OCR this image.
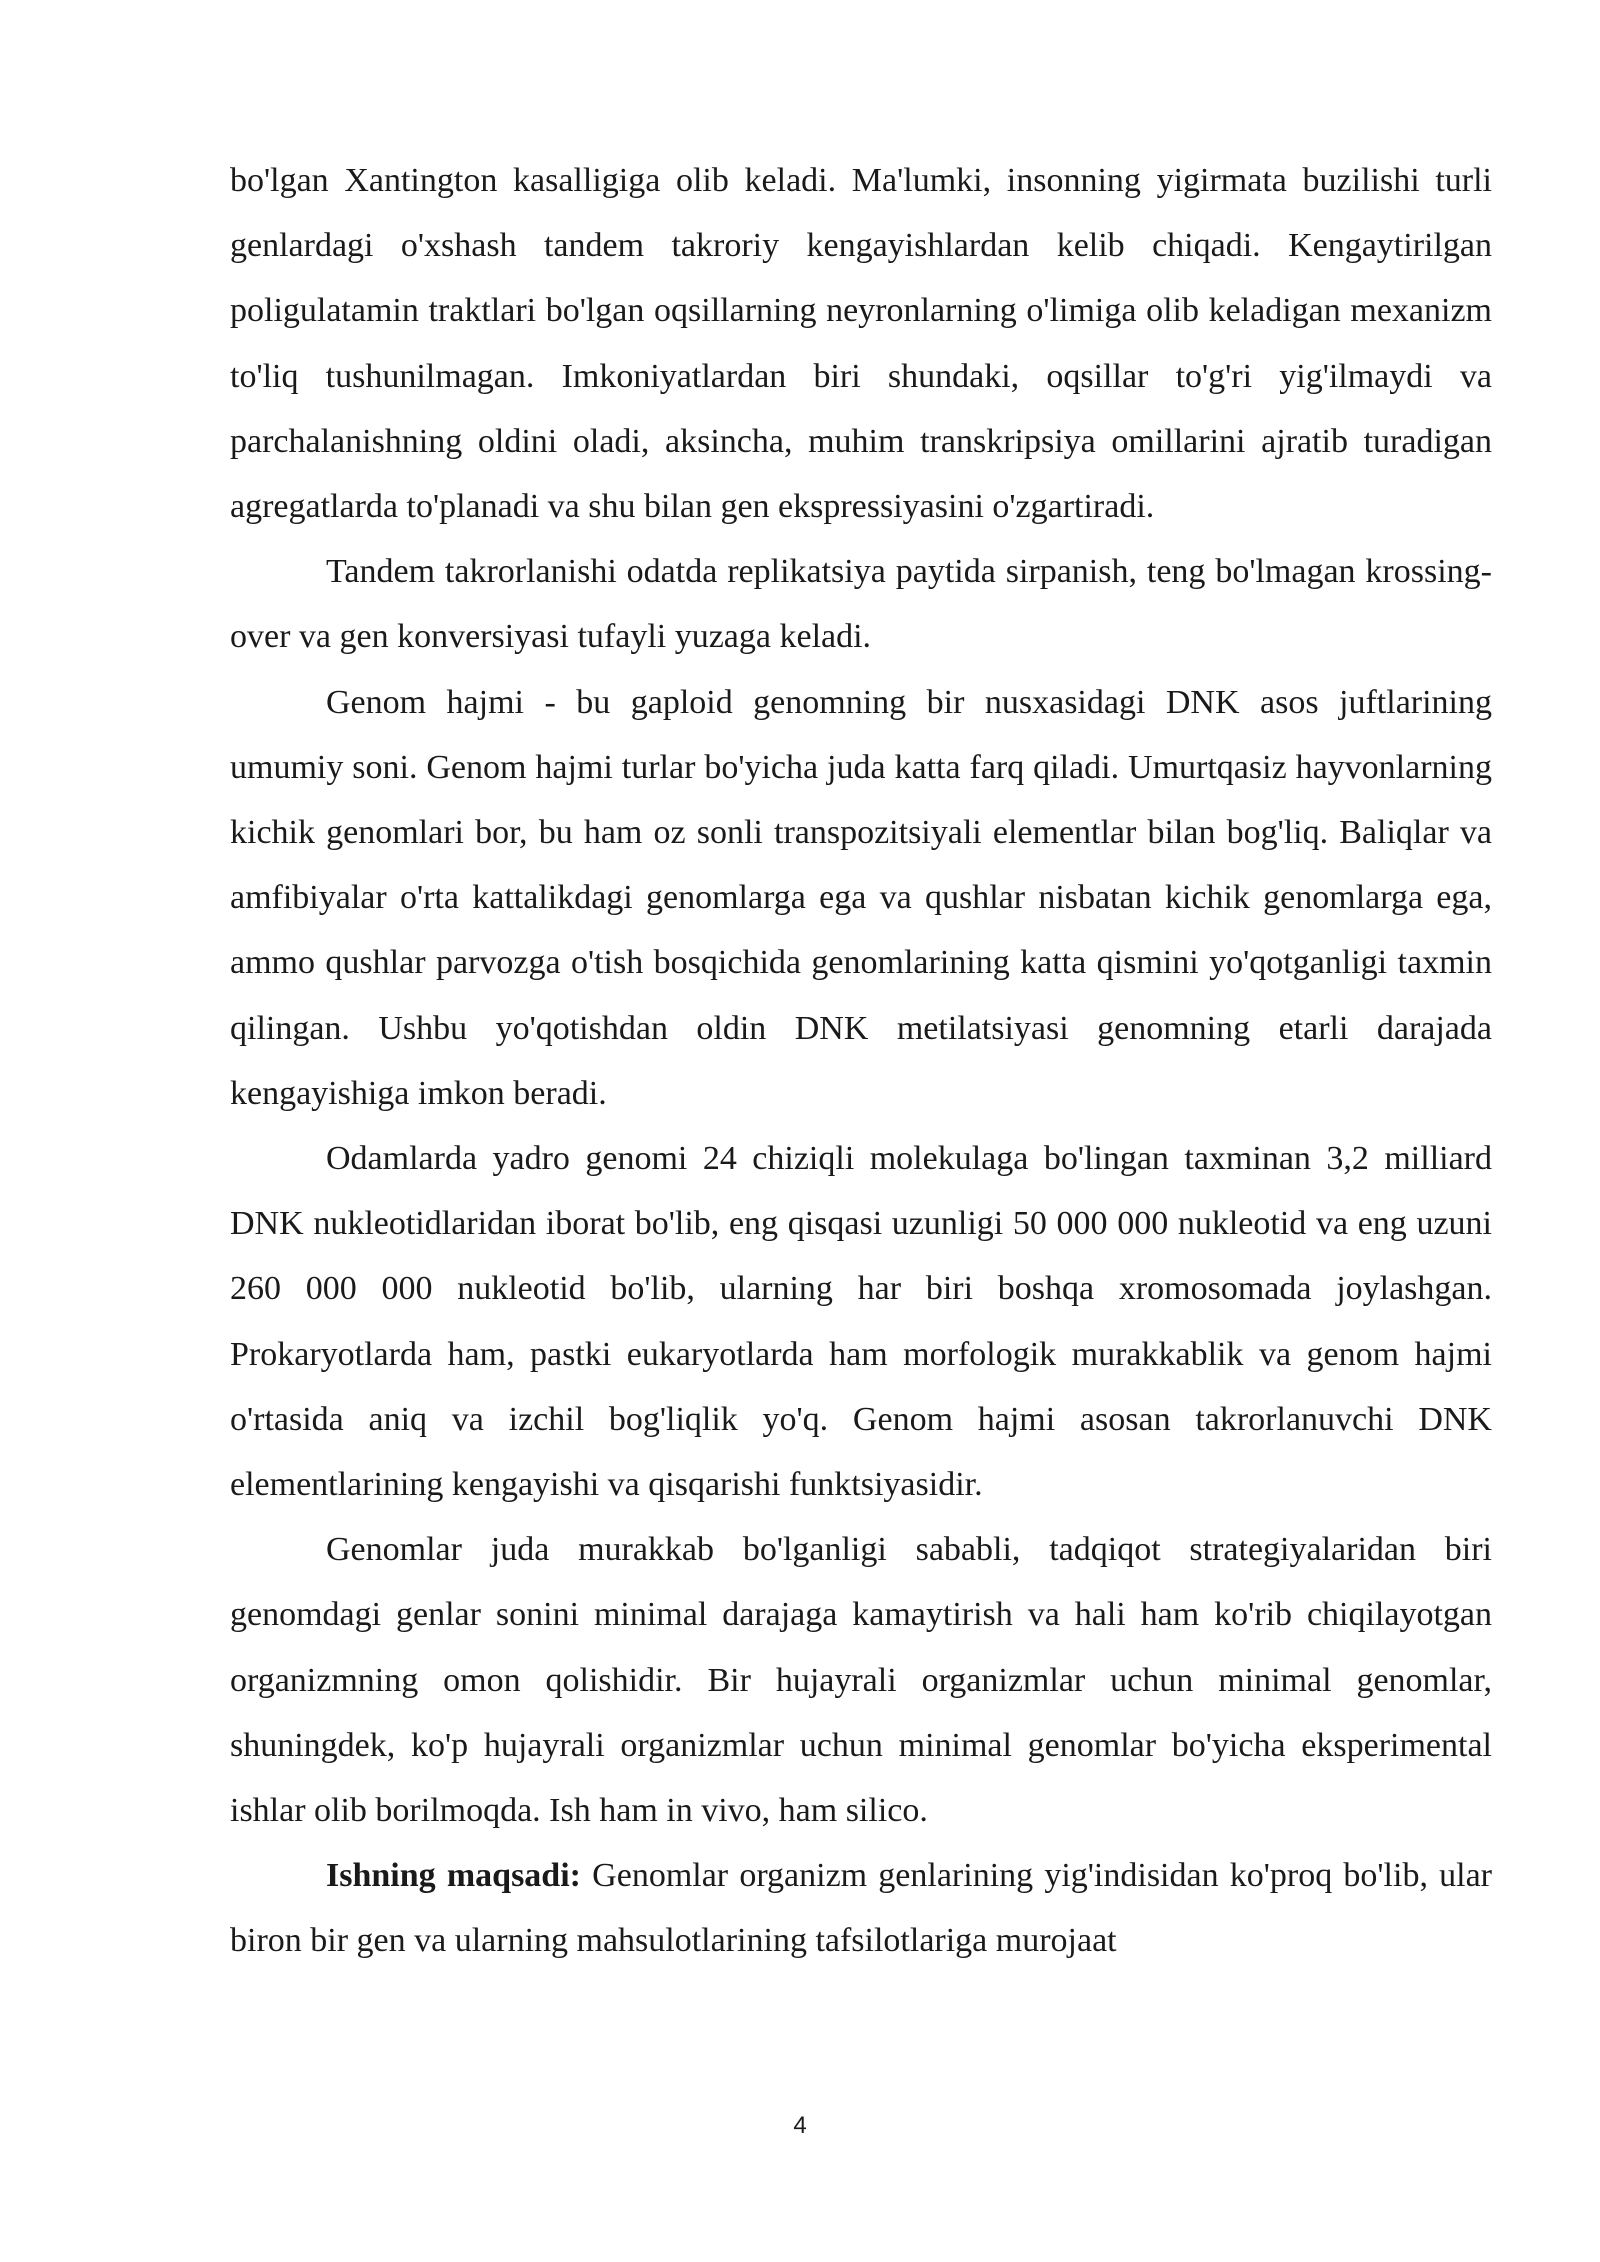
bo'lgan Xantington kasalligiga olib keladi. Ma'lumki, insonning yigirmata buzilishi turli genlardagi o'xshash tandem takroriy kengayishlardan kelib chiqadi. Kengaytirilgan poligulatamin traktlari bo'lgan oqsillarning neyronlarning o'limiga olib keladigan mexanizm to'liq tushunilmagan. Imkoniyatlardan biri shundaki, oqsillar to'g'ri yig'ilmaydi va parchalanishning oldini oladi, aksincha, muhim transkripsiya omillarini ajratib turadigan agregatlarda to'planadi va shu bilan gen ekspressiyasini o'zgartiradi.

Tandem takrorlanishi odatda replikatsiya paytida sirpanish, teng bo'lmagan krossing-over va gen konversiyasi tufayli yuzaga keladi.

Genom hajmi - bu gaploid genomning bir nusxasidagi DNK asos juftlarining umumiy soni. Genom hajmi turlar bo'yicha juda katta farq qiladi. Umurtqasiz hayvonlarning kichik genomlari bor, bu ham oz sonli transpozitsiyali elementlar bilan bog'liq. Baliqlar va amfibiyalar o'rta kattalikdagi genomlarga ega va qushlar nisbatan kichik genomlarga ega, ammo qushlar parvozga o'tish bosqichida genomlarining katta qismini yo'qotganligi taxmin qilingan. Ushbu yo'qotishdan oldin DNK metilatsiyasi genomning etarli darajada kengayishiga imkon beradi.

Odamlarda yadro genomi 24 chiziqli molekulaga bo'lingan taxminan 3,2 milliard DNK nukleotidlaridan iborat bo'lib, eng qisqasi uzunligi 50 000 000 nukleotid va eng uzuni 260 000 000 nukleotid bo'lib, ularning har biri boshqa xromosomada joylashgan. Prokaryotlarda ham, pastki eukaryotlarda ham morfologik murakkablik va genom hajmi o'rtasida aniq va izchil bog'liqlik yo'q. Genom hajmi asosan takrorlanuvchi DNK elementlarining kengayishi va qisqarishi funktsiyasidir.

Genomlar juda murakkab bo'lganligi sababli, tadqiqot strategiyalaridan biri genomdagi genlar sonini minimal darajaga kamaytirish va hali ham ko'rib chiqilayotgan organizmning omon qolishidir. Bir hujayrali organizmlar uchun minimal genomlar, shuningdek, ko'p hujayrali organizmlar uchun minimal genomlar bo'yicha eksperimental ishlar olib borilmoqda. Ish ham in vivo, ham silico.

Ishning maqsadi: Genomlar organizm genlarining yig'indisidan ko'proq bo'lib, ular biron bir gen va ularning mahsulotlarining tafsilotlariga murojaat

4
